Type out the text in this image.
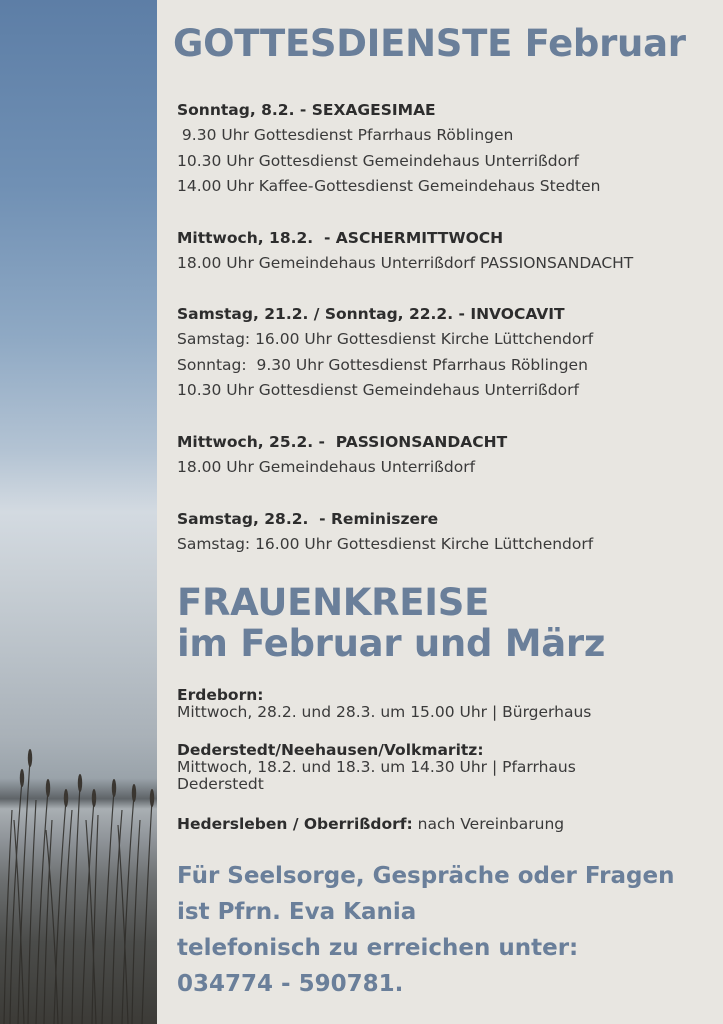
GOTTESDIENSTE Februar
Sonntag, 8.2. - SEXAGESIMAE
9.30 Uhr Gottesdienst Pfarrhaus Röblingen
10.30 Uhr Gottesdienst Gemeindehaus Unterrißdorf
14.00 Uhr Kaffee-Gottesdienst Gemeindehaus Stedten
Mittwoch, 18.2.  - ASCHERMITTWOCH
18.00 Uhr Gemeindehaus Unterrißdorf PASSIONSANDACHT
Samstag, 21.2. / Sonntag, 22.2. - INVOCAVIT
Samstag: 16.00 Uhr Gottesdienst Kirche Lüttchendorf
Sonntag:  9.30 Uhr Gottesdienst Pfarrhaus Röblingen
10.30 Uhr Gottesdienst Gemeindehaus Unterrißdorf
Mittwoch, 25.2. -  PASSIONSANDACHT
18.00 Uhr Gemeindehaus Unterrißdorf
Samstag, 28.2.  - Reminiszere
Samstag: 16.00 Uhr Gottesdienst Kirche Lüttchendorf
FRAUENKREISE
im Februar und März
Erdeborn:
Mittwoch, 28.2. und 28.3. um 15.00 Uhr | Bürgerhaus
Dederstedt/Neehausen/Volkmaritz:
Mittwoch, 18.2. und 18.3. um 14.30 Uhr | Pfarrhaus
Dederstedt
Hedersleben / Oberrißdorf: nach Vereinbarung
Für Seelsorge, Gespräche oder Fragen
ist Pfrn. Eva Kania
telefonisch zu erreichen unter:
034774 - 590781.
